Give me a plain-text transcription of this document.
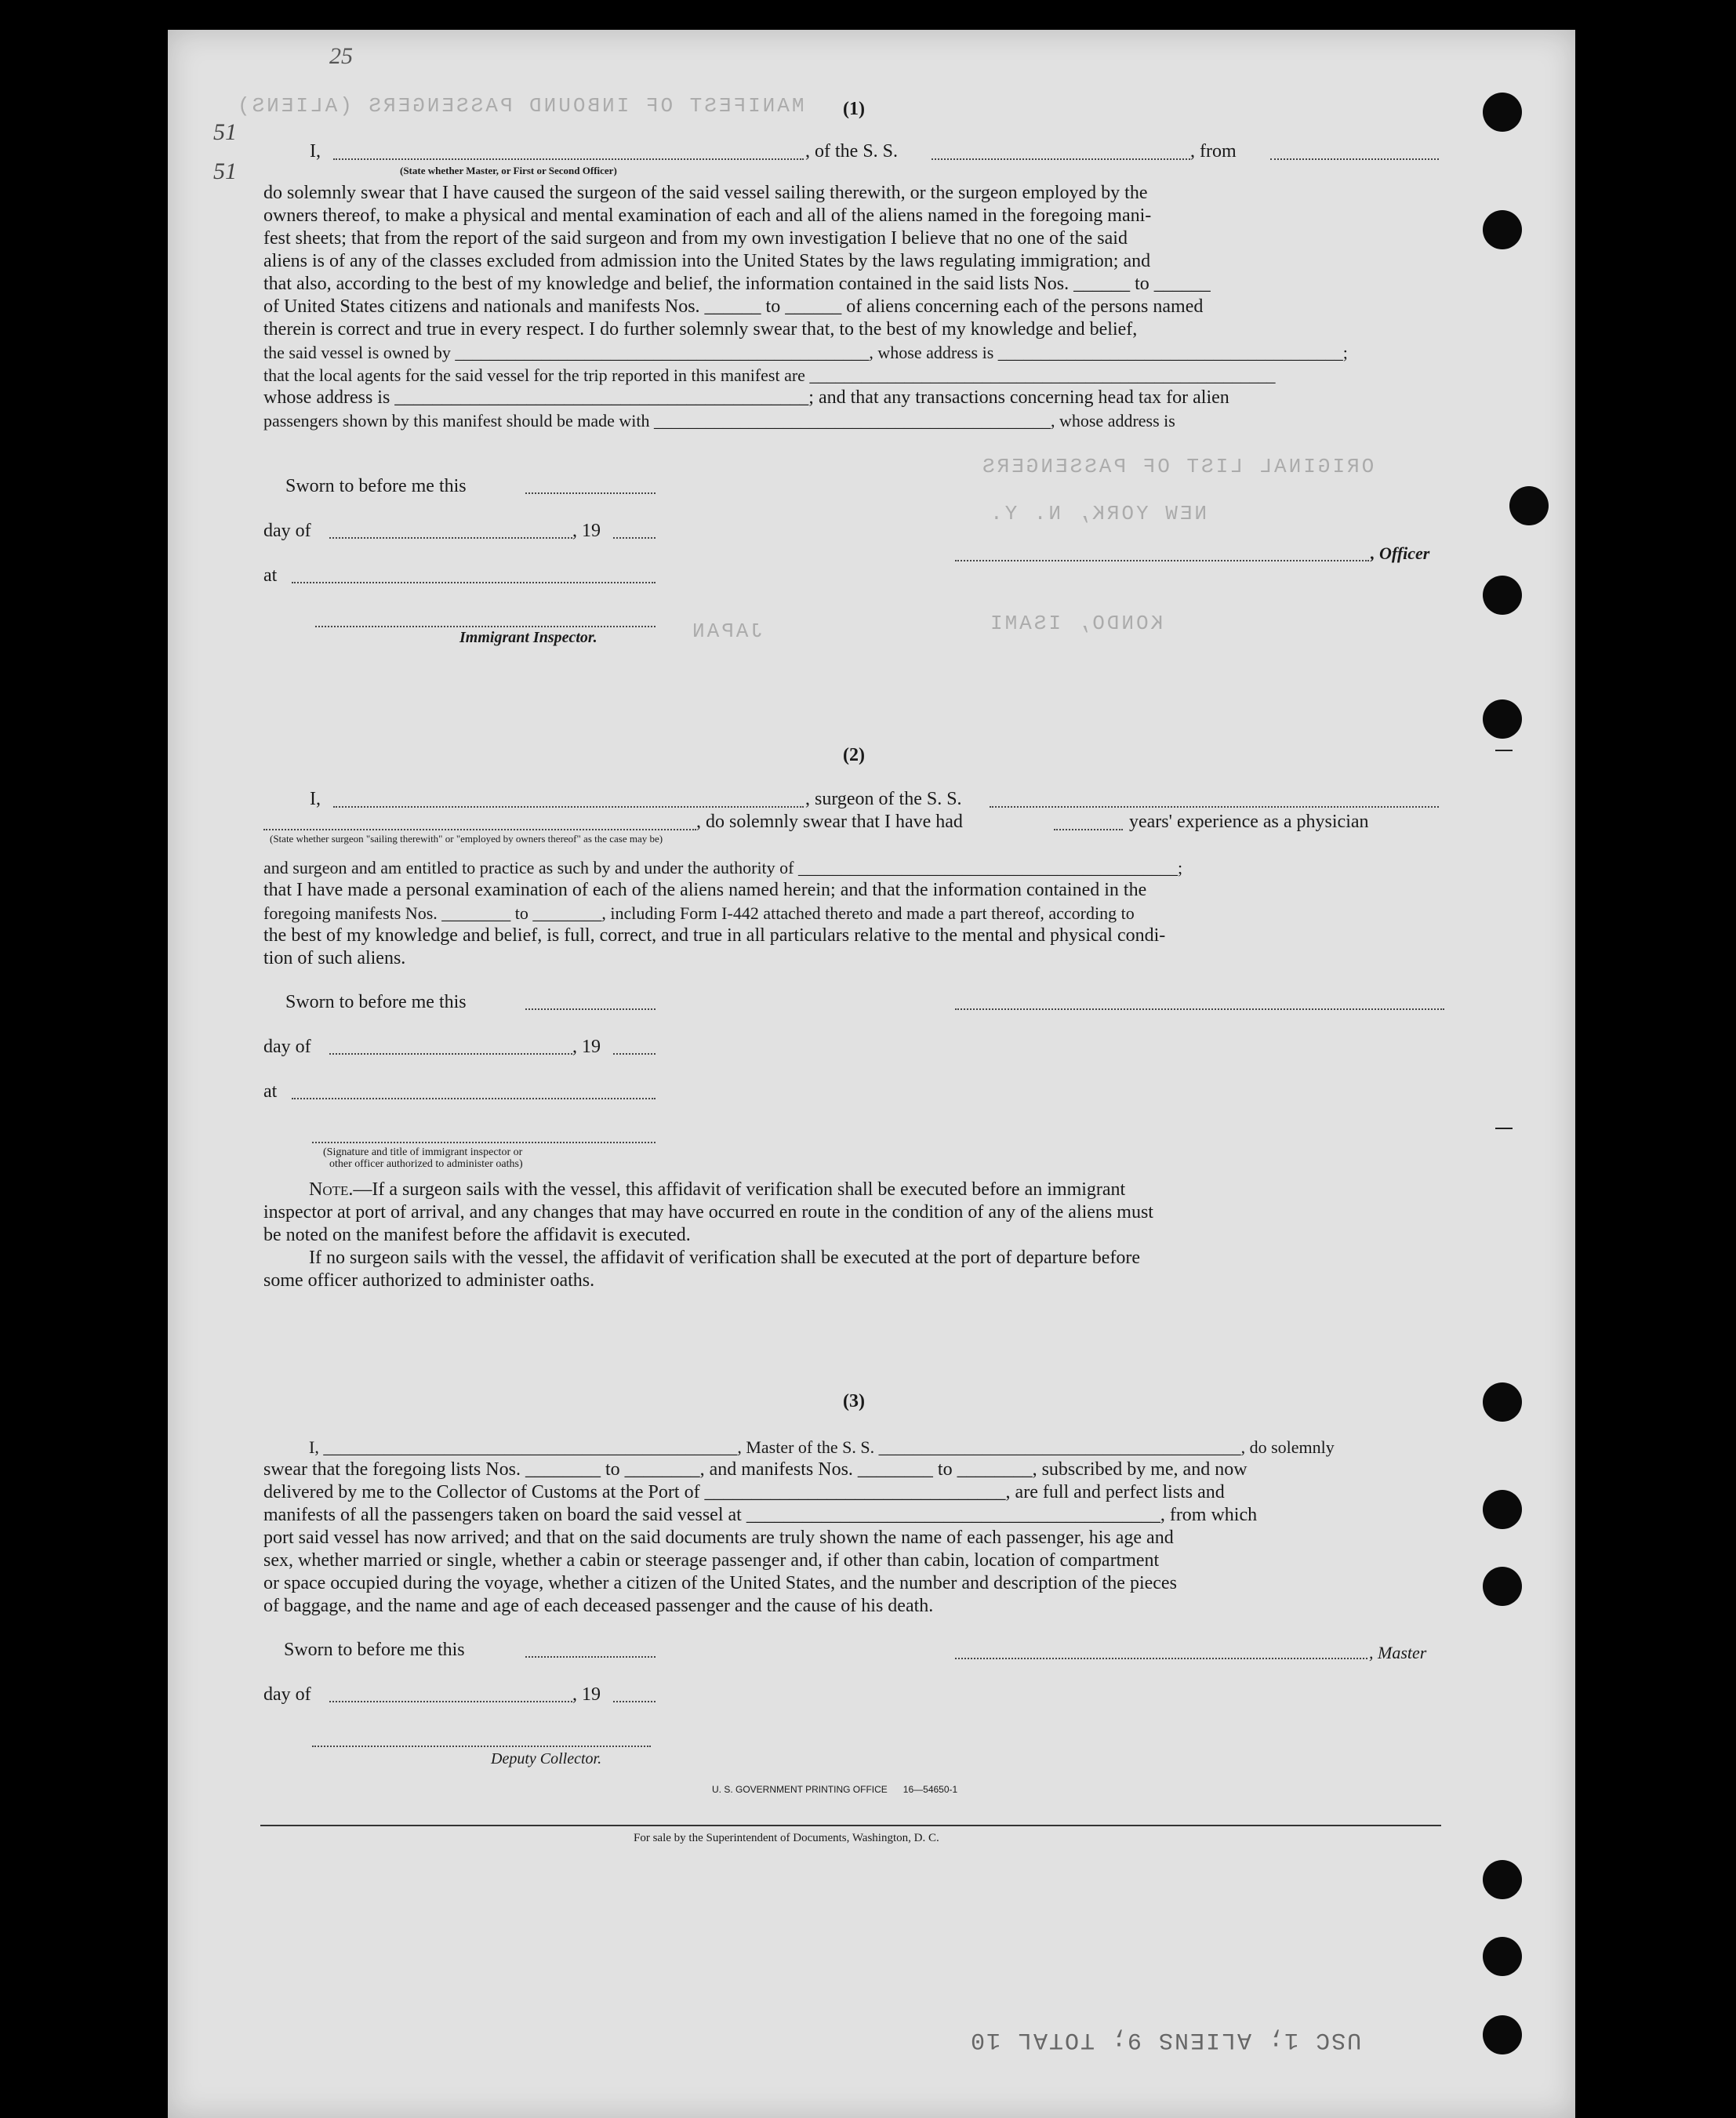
25
51
51
MANIFEST OF INBOUND PASSENGERS (ALIENS)
ORIGINAL LIST OF PASSENGERS
NEW YORK, N. Y.
KONDO, ISAMI
JAPAN
(1)
I,	, of the S. S.	, from
(State whether Master, or First or Second Officer)
do solemnly swear that I have caused the surgeon of the said vessel sailing therewith, or the surgeon employed by the
owners thereof, to make a physical and mental examination of each and all of the aliens named in the foregoing mani-
fest sheets; that from the report of the said surgeon and from my own investigation I believe that no one of the said
aliens is of any of the classes excluded from admission into the United States by the laws regulating immigration; and
that also, according to the best of my knowledge and belief, the information contained in the said lists Nos. ______ to ______
of United States citizens and nationals and manifests Nos. ______ to ______ of aliens concerning each of the persons named
therein is correct and true in every respect. I do further solemnly swear that, to the best of my knowledge and belief,
the said vessel is owned by ________________________________________________, whose address is ________________________________________;
that the local agents for the said vessel for the trip reported in this manifest are ______________________________________________________
whose address is ____________________________________________; and that any transactions concerning head tax for alien
passengers shown by this manifest should be made with ______________________________________________, whose address is
Sworn to before me this
day of	, 19
at
, Officer
Immigrant Inspector.
(2)
I,	, surgeon of the S. S.
, do solemnly swear that I have had	years' experience as a physician
(State whether surgeon "sailing therewith" or "employed by owners thereof" as the case may be)
and surgeon and am entitled to practice as such by and under the authority of ____________________________________________;
that I have made a personal examination of each of the aliens named herein; and that the information contained in the
foregoing manifests Nos. ________ to ________, including Form I-442 attached thereto and made a part thereof, according to
the best of my knowledge and belief, is full, correct, and true in all particulars relative to the mental and physical condi-
tion of such aliens.
Sworn to before me this
day of	, 19
at
(Signature and title of immigrant inspector or
other officer authorized to administer oaths)
Note.—If a surgeon sails with the vessel, this affidavit of verification shall be executed before an immigrant
inspector at port of arrival, and any changes that may have occurred en route in the condition of any of the aliens must
be noted on the manifest before the affidavit is executed.
If no surgeon sails with the vessel, the affidavit of verification shall be executed at the port of departure before
some officer authorized to administer oaths.
(3)
I, ________________________________________________, Master of the S. S. __________________________________________, do solemnly
swear that the foregoing lists Nos. ________ to ________, and manifests Nos. ________ to ________, subscribed by me, and now
delivered by me to the Collector of Customs at the Port of ________________________________, are full and perfect lists and
manifests of all the passengers taken on board the said vessel at ____________________________________________, from which
port said vessel has now arrived; and that on the said documents are truly shown the name of each passenger, his age and
sex, whether married or single, whether a cabin or steerage passenger and, if other than cabin, location of compartment
or space occupied during the voyage, whether a citizen of the United States, and the number and description of the pieces
of baggage, and the name and age of each deceased passenger and the cause of his death.
Sworn to before me this	, Master
day of	, 19
Deputy Collector.
U. S. GOVERNMENT PRINTING OFFICE      16—54650-1
For sale by the Superintendent of Documents, Washington, D. C.
USC 1; ALIENS 9; TOTAL 10
